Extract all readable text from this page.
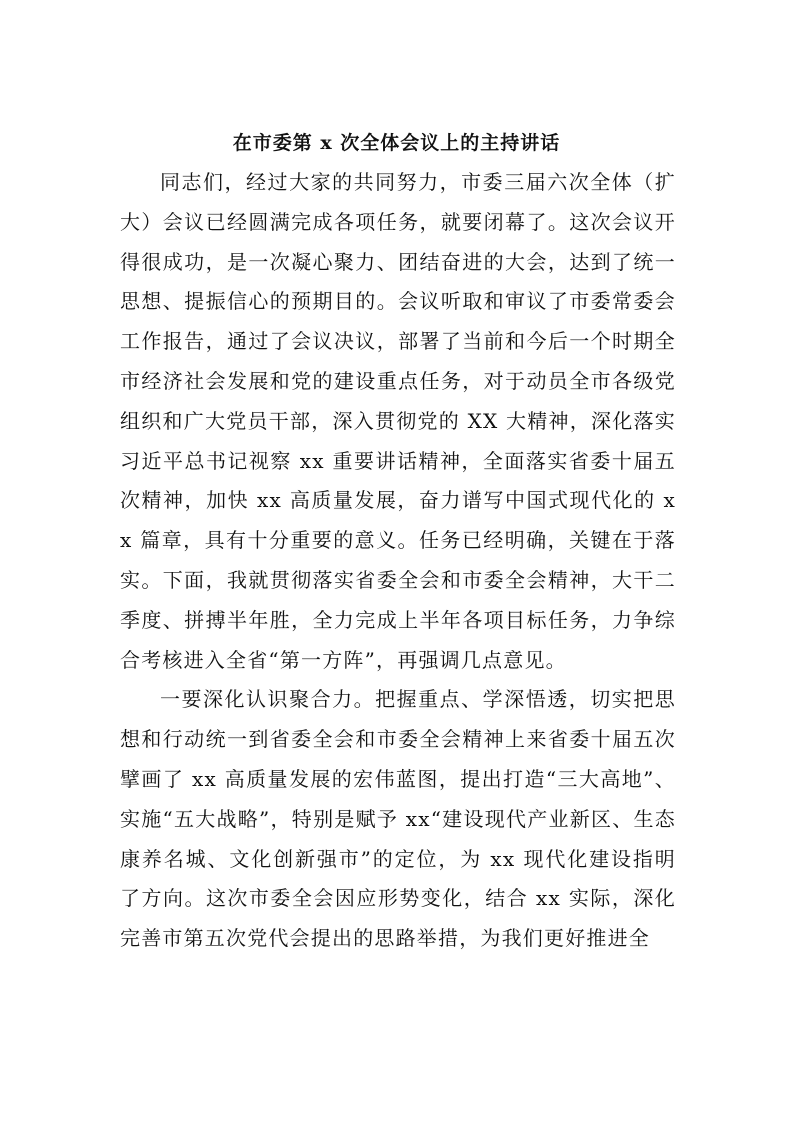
在市委第 x 次全体会议上的主持讲话

同志们，经过大家的共同努力，市委三届六次全体（扩大）会议已经圆满完成各项任务，就要闭幕了。这次会议开得很成功，是一次凝心聚力、团结奋进的大会，达到了统一思想、提振信心的预期目的。会议听取和审议了市委常委会工作报告，通过了会议决议，部署了当前和今后一个时期全市经济社会发展和党的建设重点任务，对于动员全市各级党组织和广大党员干部，深入贯彻党的 XX 大精神，深化落实习近平总书记视察 xx 重要讲话精神，全面落实省委十届五次精神，加快 xx 高质量发展，奋力谱写中国式现代化的 xx 篇章，具有十分重要的意义。任务已经明确，关键在于落实。下面，我就贯彻落实省委全会和市委全会精神，大干二季度、拼搏半年胜，全力完成上半年各项目标任务，力争综合考核进入全省“第一方阵”，再强调几点意见。

一要深化认识聚合力。把握重点、学深悟透，切实把思想和行动统一到省委全会和市委全会精神上来省委十届五次擘画了 xx 高质量发展的宏伟蓝图，提出打造“三大高地”、实施“五大战略”，特别是赋予 xx“建设现代产业新区、生态康养名城、文化创新强市”的定位，为 xx 现代化建设指明了方向。这次市委全会因应形势变化，结合 xx 实际，深化完善市第五次党代会提出的思路举措，为我们更好推进全
